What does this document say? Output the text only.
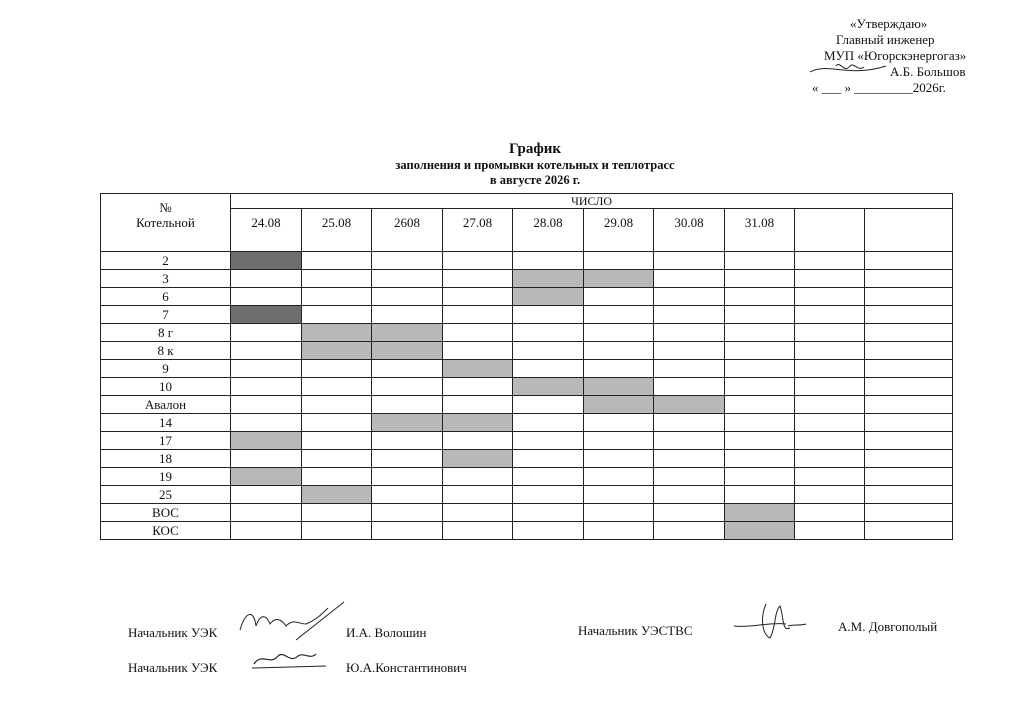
«Утверждаю»
Главный инженер
МУП «Югорскэнергогаз»
А.Б. Большов
« ___ » _________2026г.
График
заполнения и промывки котельных и теплотрасс
в августе 2026 г.
№
Котельной	ЧИСЛО									
	24.08	25.08	2608	27.08	28.08	29.08	30.08	31.08		
2										
3										
6										
7										
8 г										
8 к										
9										
10										
Авалон										
14										
17										
18										
19										
25										
ВОС										
КОС										
Начальник УЭК	И.А. Волошин
Начальник УЭК	Ю.А.Константинович
Начальник УЭСТВС	А.М. Довгополый
